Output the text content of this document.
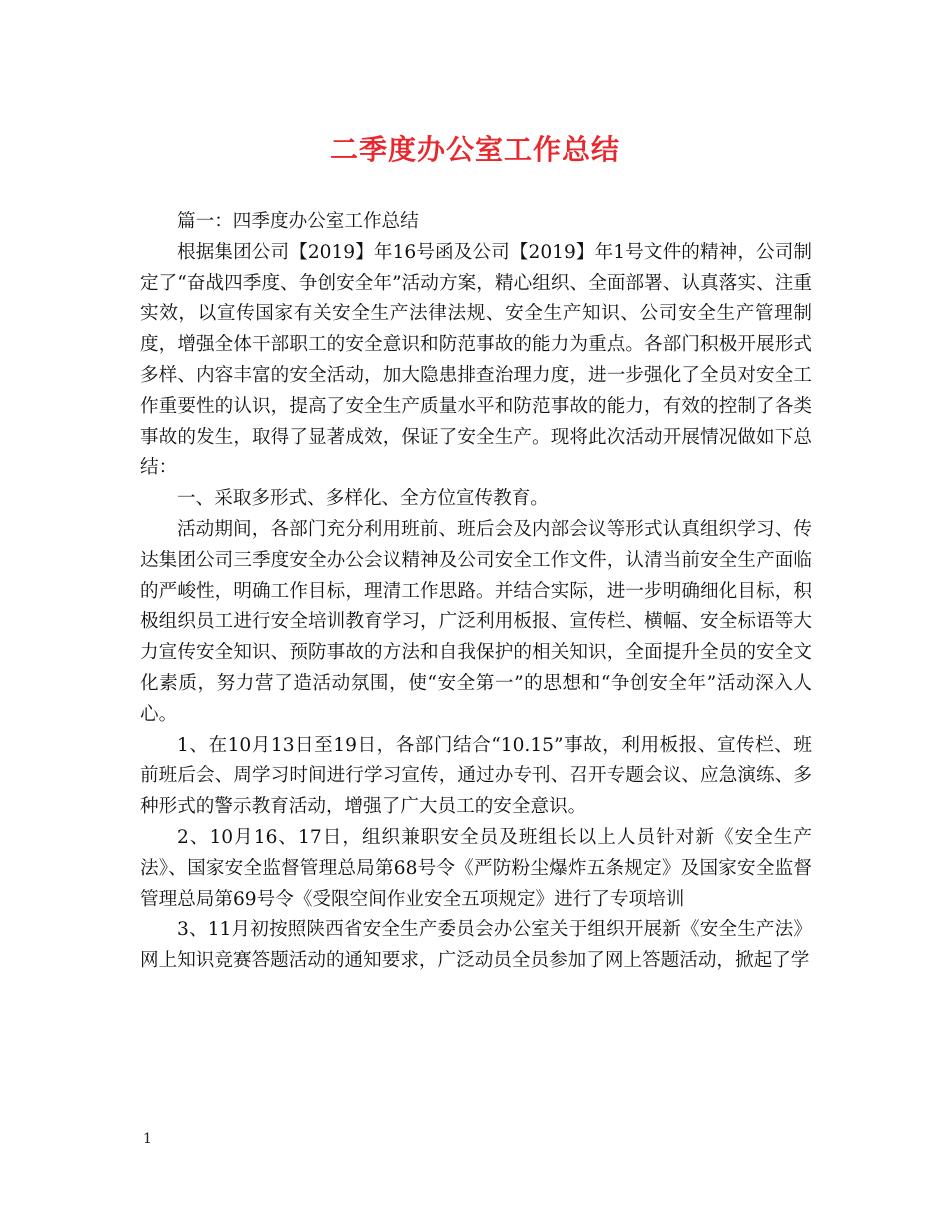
二季度办公室工作总结

篇一：四季度办公室工作总结

根据集团公司【2019】年16号函及公司【2019】年1号文件的精神，公司制定了“奋战四季度、争创安全年”活动方案，精心组织、全面部署、认真落实、注重实效，以宣传国家有关安全生产法律法规、安全生产知识、公司安全生产管理制度，增强全体干部职工的安全意识和防范事故的能力为重点。各部门积极开展形式多样、内容丰富的安全活动，加大隐患排查治理力度，进一步强化了全员对安全工作重要性的认识，提高了安全生产质量水平和防范事故的能力，有效的控制了各类事故的发生，取得了显著成效，保证了安全生产。现将此次活动开展情况做如下总结：

一、采取多形式、多样化、全方位宣传教育。

活动期间，各部门充分利用班前、班后会及内部会议等形式认真组织学习、传达集团公司三季度安全办公会议精神及公司安全工作文件，认清当前安全生产面临的严峻性，明确工作目标，理清工作思路。并结合实际，进一步明确细化目标，积极组织员工进行安全培训教育学习，广泛利用板报、宣传栏、横幅、安全标语等大力宣传安全知识、预防事故的方法和自我保护的相关知识，全面提升全员的安全文化素质，努力营了造活动氛围，使“安全第一”的思想和“争创安全年”活动深入人心。

1、在10月13日至19日，各部门结合“10.15”事故，利用板报、宣传栏、班前班后会、周学习时间进行学习宣传，通过办专刊、召开专题会议、应急演练、多种形式的警示教育活动，增强了广大员工的安全意识。

2、10月16、17日，组织兼职安全员及班组长以上人员针对新《安全生产法》、国家安全监督管理总局第68号令《严防粉尘爆炸五条规定》及国家安全监督管理总局第69号令《受限空间作业安全五项规定》进行了专项培训

3、11月初按照陕西省安全生产委员会办公室关于组织开展新《安全生产法》网上知识竞赛答题活动的通知要求，广泛动员全员参加了网上答题活动，掀起了学

1
